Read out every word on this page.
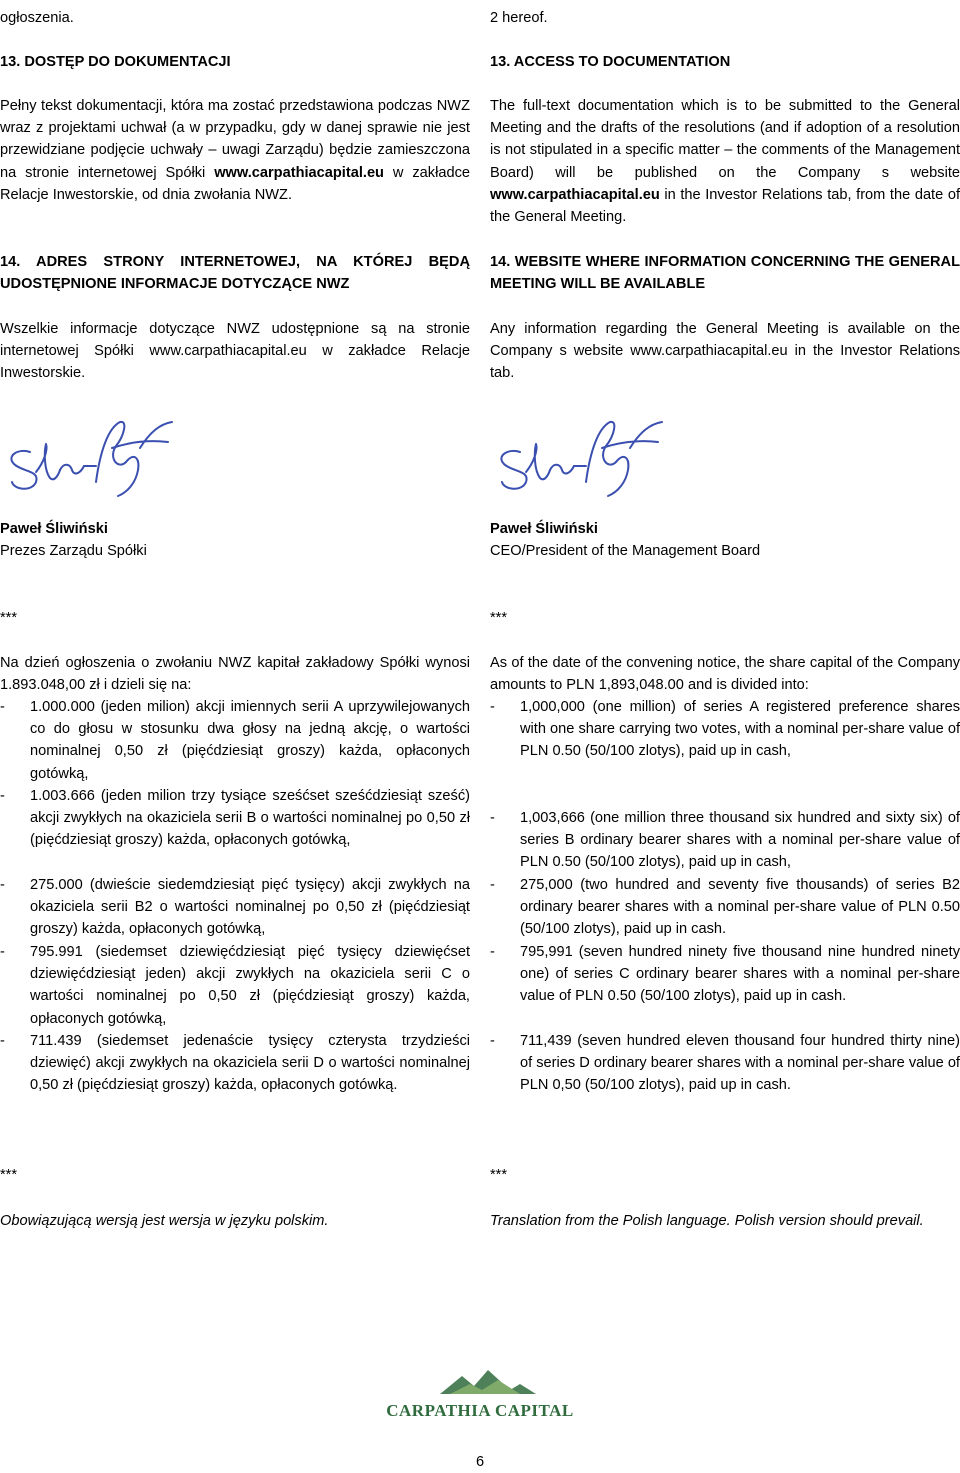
ogłoszenia.

13. DOSTĘP DO DOKUMENTACJI

Pełny tekst dokumentacji, która ma zostać przedstawiona podczas NWZ wraz z projektami uchwał (a w przypadku, gdy w danej sprawie nie jest przewidziane podjęcie uchwały – uwagi Zarządu) będzie zamieszczona na stronie internetowej Spółki www.carpathiacapital.eu w zakładce Relacje Inwestorskie, od dnia zwołania NWZ.

14. ADRES STRONY INTERNETOWEJ, NA KTÓREJ BĘDĄ UDOSTĘPNIONE INFORMACJE DOTYCZĄCE NWZ

Wszelkie informacje dotyczące NWZ udostępnione są na stronie internetowej Spółki www.carpathiacapital.eu w zakładce Relacje Inwestorskie.

Paweł Śliwiński

Prezes Zarządu Spółki

***

Na dzień ogłoszenia o zwołaniu NWZ kapitał zakładowy Spółki wynosi 1.893.048,00 zł i dzieli się na:

- 1.000.000 (jeden milion) akcji imiennych serii A uprzywilejowanych co do głosu w stosunku dwa głosy na jedną akcję, o wartości nominalnej 0,50 zł (pięćdziesiąt groszy) każda, opłaconych gotówką,
- 1.003.666 (jeden milion trzy tysiące sześćset sześćdziesiąt sześć) akcji zwykłych na okaziciela serii B o wartości nominalnej po 0,50 zł (pięćdziesiąt groszy) każda, opłaconych gotówką,
- 275.000 (dwieście siedemdziesiąt pięć tysięcy) akcji zwykłych na okaziciela serii B2 o wartości nominalnej po 0,50 zł (pięćdziesiąt groszy) każda, opłaconych gotówką,
- 795.991 (siedemset dziewięćdziesiąt pięć tysięcy dziewięćset dziewięćdziesiąt jeden) akcji zwykłych na okaziciela serii C o wartości nominalnej po 0,50 zł (pięćdziesiąt groszy) każda, opłaconych gotówką,
- 711.439 (siedemset jedenaście tysięcy czterysta trzydzieści dziewięć) akcji zwykłych na okaziciela serii D o wartości nominalnej 0,50 zł (pięćdziesiąt groszy) każda, opłaconych gotówką.

***

Obowiązującą wersją jest wersja w języku polskim.

2 hereof.

13. ACCESS TO DOCUMENTATION

The full-text documentation which is to be submitted to the General Meeting and the drafts of the resolutions (and if adoption of a resolution is not stipulated in a specific matter – the comments of the Management Board) will be published on the Company s website www.carpathiacapital.eu in the Investor Relations tab, from the date of the General Meeting.

14. WEBSITE WHERE INFORMATION CONCERNING THE GENERAL MEETING WILL BE AVAILABLE

Any information regarding the General Meeting is available on the Company s website www.carpathiacapital.eu in the Investor Relations tab.

Paweł Śliwiński

CEO/President of the Management Board

***

As of the date of the convening notice, the share capital of the Company amounts to PLN 1,893,048.00 and is divided into:

- 1,000,000 (one million) of series A registered preference shares with one share carrying two votes, with a nominal per-share value of PLN 0.50 (50/100 zlotys), paid up in cash,
- 1,003,666 (one million three thousand six hundred and sixty six) of series B ordinary bearer shares with a nominal per-share value of PLN 0.50 (50/100 zlotys), paid up in cash,
- 275,000 (two hundred and seventy five thousands) of series B2 ordinary bearer shares with a nominal per-share value of PLN 0.50 (50/100 zlotys), paid up in cash.
- 795,991 (seven hundred ninety five thousand nine hundred ninety one) of series C ordinary bearer shares with a nominal per-share value of PLN 0.50 (50/100 zlotys), paid up in cash.
- 711,439 (seven hundred eleven thousand four hundred thirty nine) of series D ordinary bearer shares with a nominal per-share value of PLN 0,50 (50/100 zlotys), paid up in cash.

***

Translation from the Polish language. Polish version should prevail.

CARPATHIA CAPITAL
6
